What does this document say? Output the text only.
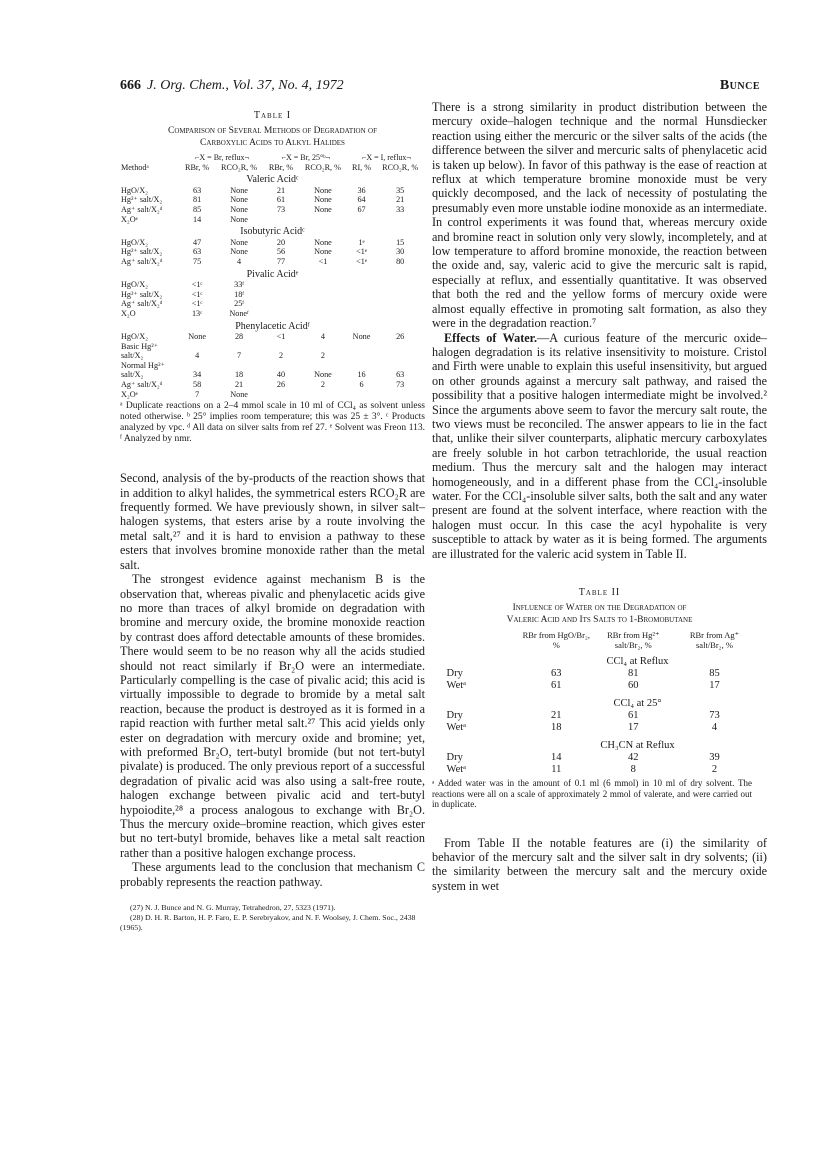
666 J. Org. Chem., Vol. 37, No. 4, 1972	Bunce
Table I
Comparison of Several Methods of Degradation of
Carboxylic Acids to Alkyl Halides
	⌐X = Br, reflux¬		⌐X = Br, 25°ᵇ¬		⌐X = I, reflux¬	
Methodᵃ	RBr, %	RCO₂R, %	RBr, %	RCO₂R, %	RI, %	RCO₂R, %
Valeric Acidᶜ						
HgO/X₂	63	None	21	None	36	35
Hg²⁺ salt/X₂	81	None	61	None	64	21
Ag⁺ salt/X₂ᵈ	85	None	73	None	67	33
X₂Oᵉ	14	None				
Isobutyric Acidᶜ						
HgO/X₂	47	None	20	None	1ᵉ	15
Hg²⁺ salt/X₂	63	None	56	None	<1ᵉ	30
Ag⁺ salt/X₂ᵈ	75	4	77	<1	<1ᵉ	80
Pivalic Acidᵉ						
HgO/X₂	<1ᶜ	33ᶠ				
Hg²⁺ salt/X₂	<1ᶜ	18ᶠ				
Ag⁺ salt/X₂ᵈ	<1ᶜ	25ᶠ				
X₂O	13ᶜ	Noneᶠ				
Phenylacetic Acidᶠ						
HgO/X₂	None	28	<1	4	None	26
Basic Hg²⁺						
salt/X₂	4	7	2	2		
Normal Hg²⁺						
salt/X₂	34	18	40	None	16	63
Ag⁺ salt/X₂ᵈ	58	21	26	2	6	73
X₂Oᵉ	7	None				
ᵃ Duplicate reactions on a 2–4 mmol scale in 10 ml of CCl₄ as solvent unless noted otherwise. ᵇ 25° implies room temperature; this was 25 ± 3°. ᶜ Products analyzed by vpc. ᵈ All data on silver salts from ref 27. ᵉ Solvent was Freon 113. ᶠ Analyzed by nmr.

Second, analysis of the by-products of the reaction shows that in addition to alkyl halides, the symmetrical esters RCO₂R are frequently formed. We have previously shown, in silver salt–halogen systems, that esters arise by a route involving the metal salt,²⁷ and it is hard to envision a pathway to these esters that involves bromine monoxide rather than the metal salt.

The strongest evidence against mechanism B is the observation that, whereas pivalic and phenylacetic acids give no more than traces of alkyl bromide on degradation with bromine and mercury oxide, the bromine monoxide reaction by contrast does afford detectable amounts of these bromides. There would seem to be no reason why all the acids studied should not react similarly if Br₂O were an intermediate. Particularly compelling is the case of pivalic acid; this acid is virtually impossible to degrade to bromide by a metal salt reaction, because the product is destroyed as it is formed in a rapid reaction with further metal salt.²⁷ This acid yields only ester on degradation with mercury oxide and bromine; yet, with preformed Br₂O, tert-butyl bromide (but not tert-butyl pivalate) is produced. The only previous report of a successful degradation of pivalic acid was also using a salt-free route, halogen exchange between pivalic acid and tert-butyl hypoiodite,²⁸ a process analogous to exchange with Br₂O. Thus the mercury oxide–bromine reaction, which gives ester but no tert-butyl bromide, behaves like a metal salt reaction rather than a positive halogen exchange process.

These arguments lead to the conclusion that mechanism C probably represents the reaction pathway.

(27) N. J. Bunce and N. G. Murray, Tetrahedron, 27, 5323 (1971).
(28) D. H. R. Barton, H. P. Faro, E. P. Serebryakov, and N. F. Woolsey, J. Chem. Soc., 2438 (1965).

There is a strong similarity in product distribution between the mercury oxide–halogen technique and the normal Hunsdiecker reaction using either the mercuric or the silver salts of the acids (the difference between the silver and mercuric salts of phenylacetic acid is taken up below). In favor of this pathway is the ease of reaction at reflux at which temperature bromine monoxide must be very quickly decomposed, and the lack of necessity of postulating the presumably even more unstable iodine monoxide as an intermediate. In control experiments it was found that, whereas mercury oxide and bromine react in solution only very slowly, incompletely, and at low temperature to afford bromine monoxide, the reaction between the oxide and, say, valeric acid to give the mercuric salt is rapid, especially at reflux, and essentially quantitative. It was observed that both the red and the yellow forms of mercury oxide were almost equally effective in promoting salt formation, as also they were in the degradation reaction.⁷

Effects of Water.—A curious feature of the mercuric oxide–halogen degradation is its relative insensitivity to moisture. Cristol and Firth were unable to explain this useful insensitivity, but argued on other grounds against a mercury salt pathway, and raised the possibility that a positive halogen intermediate might be involved.² Since the arguments above seem to favor the mercury salt route, the two views must be reconciled. The answer appears to lie in the fact that, unlike their silver counterparts, aliphatic mercury carboxylates are freely soluble in hot carbon tetrachloride, the usual reaction medium. Thus the mercury salt and the halogen may interact homogeneously, and in a different phase from the CCl₄-insoluble water. For the CCl₄-insoluble silver salts, both the salt and any water present are found at the solvent interface, where reaction with the halogen must occur. In this case the acyl hypohalite is very susceptible to attack by water as it is being formed. The arguments are illustrated for the valeric acid system in Table II.

Table II
Influence of Water on the Degradation of
Valeric Acid and Its Salts to 1-Bromobutane
	RBr from HgO/Br₂, %	RBr from Hg²⁺ salt/Br₂, %	RBr from Ag⁺ salt/Br₂, %
	CCl₄ at Reflux		
Dry	63	81	85
Wetᵃ	61	60	17
	CCl₄ at 25°		
Dry	21	61	73
Wetᵃ	18	17	4
	CH₃CN at Reflux		
Dry	14	42	39
Wetᵃ	11	8	2
ᵃ Added water was in the amount of 0.1 ml (6 mmol) in 10 ml of dry solvent. The reactions were all on a scale of approximately 2 mmol of valerate, and were carried out in duplicate.

From Table II the notable features are (i) the similarity of behavior of the mercury salt and the silver salt in dry solvents; (ii) the similarity between the mercury salt and the mercury oxide system in wet
